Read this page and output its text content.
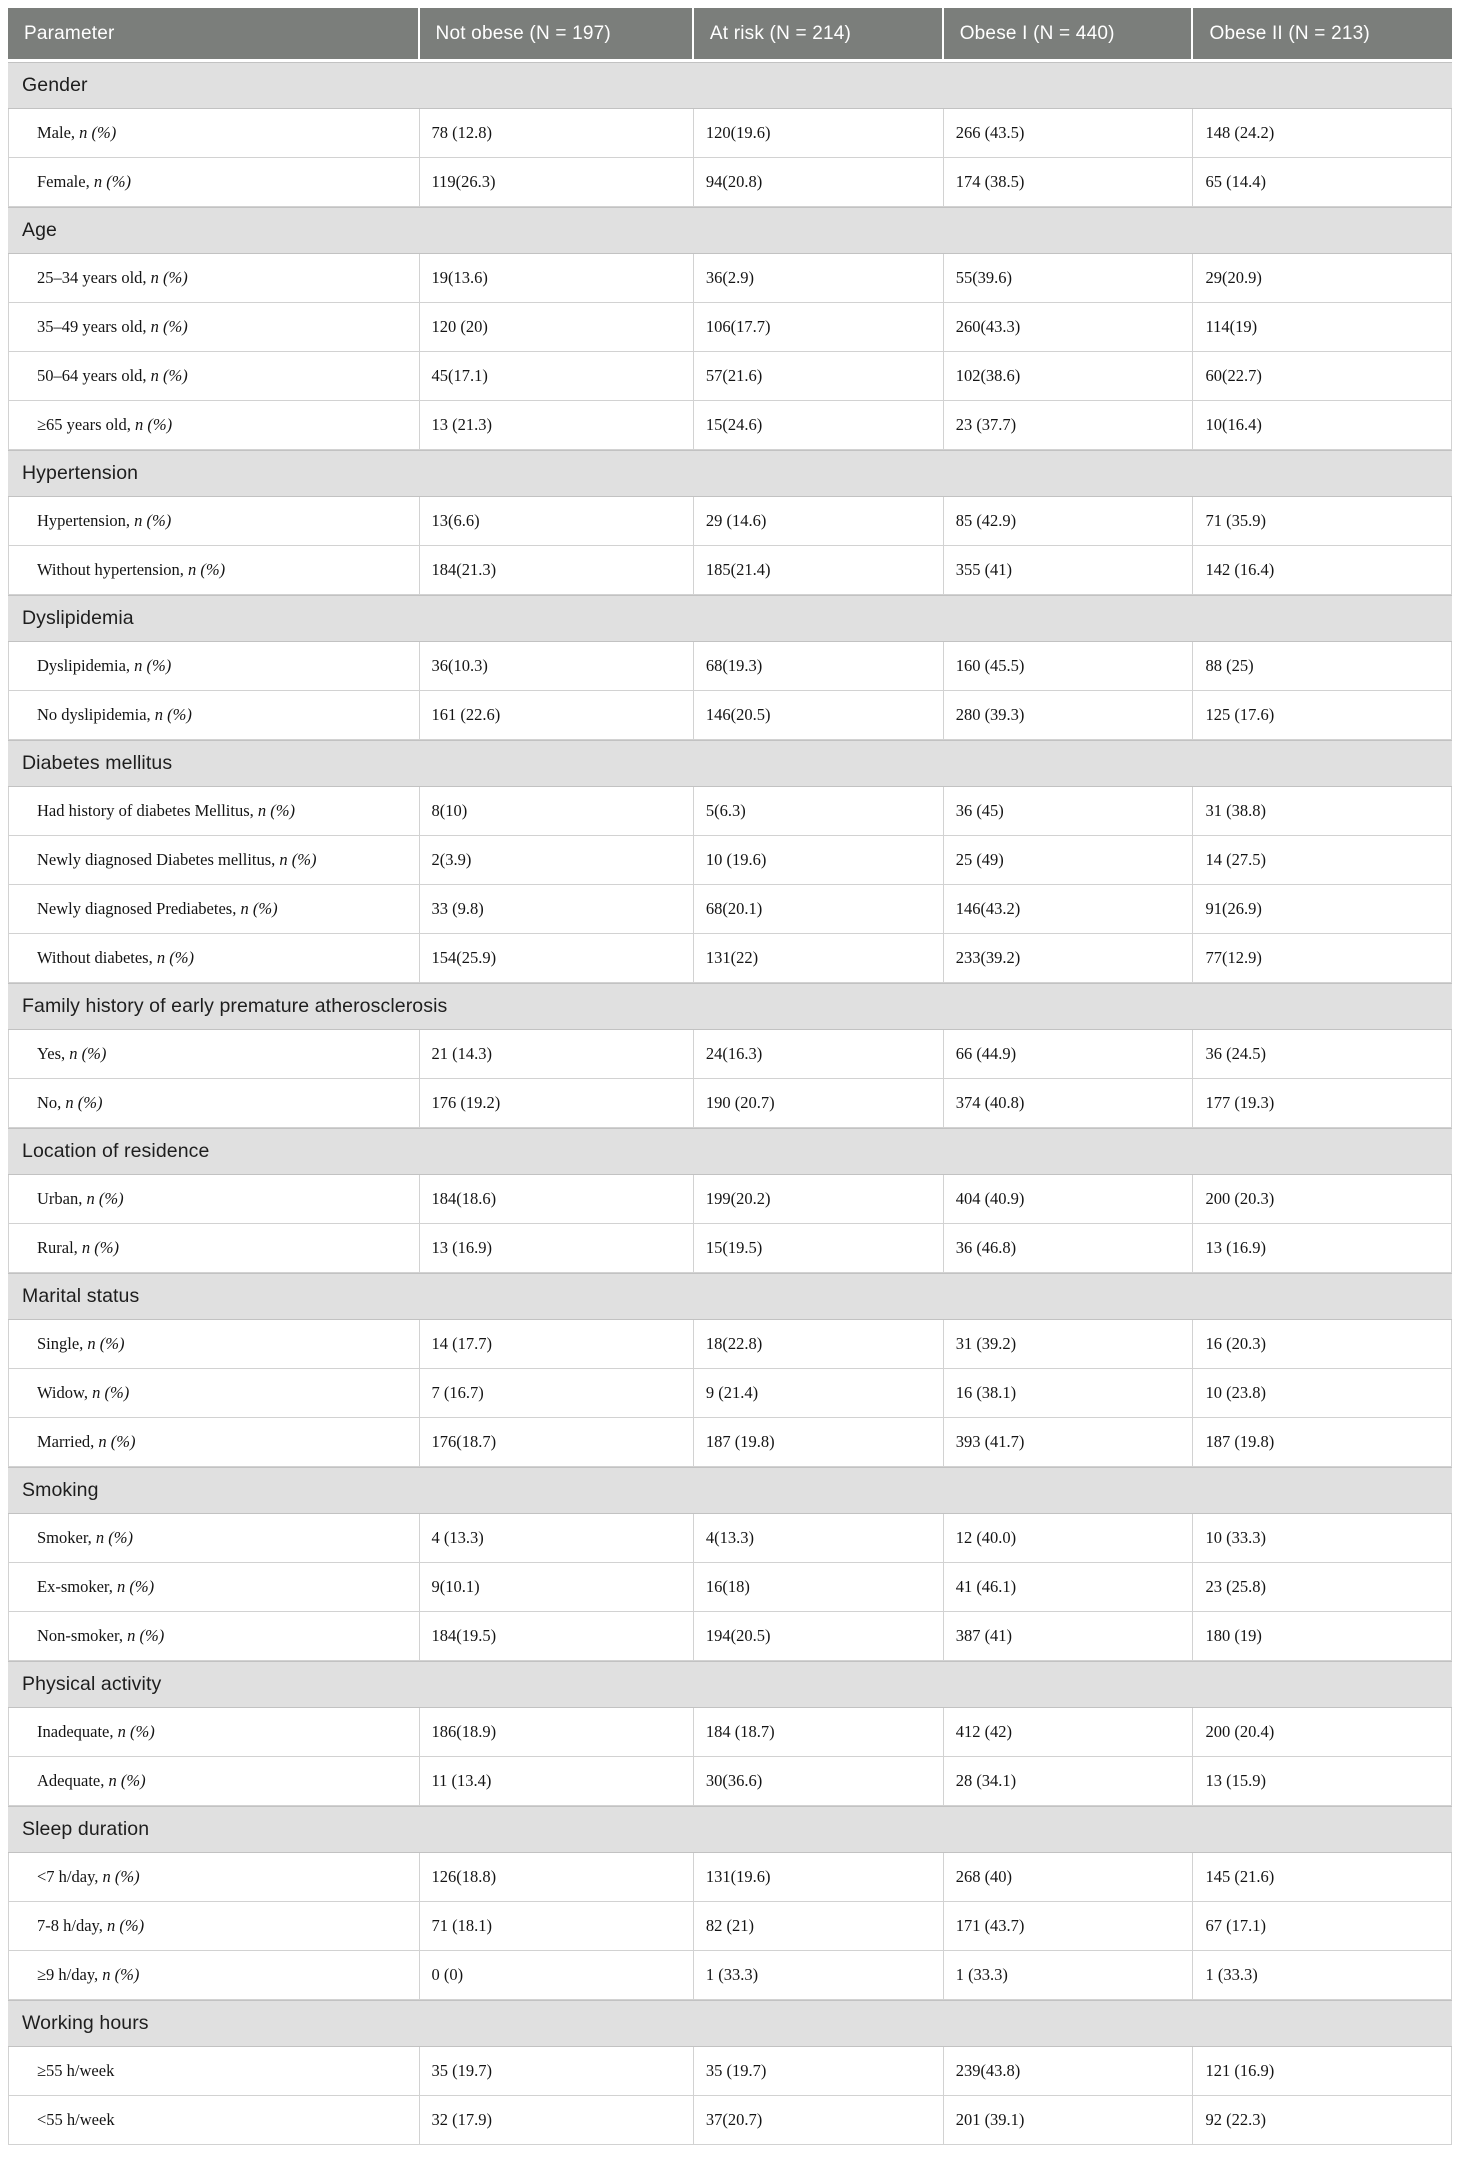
Parameter	Not obese (N = 197)	At risk (N = 214)	Obese I (N = 440)	Obese II (N = 213)
Gender				
Male, n (%)	78 (12.8)	120(19.6)	266 (43.5)	148 (24.2)
Female, n (%)	119(26.3)	94(20.8)	174 (38.5)	65 (14.4)
Age				
25–34 years old, n (%)	19(13.6)	36(2.9)	55(39.6)	29(20.9)
35–49 years old, n (%)	120 (20)	106(17.7)	260(43.3)	114(19)
50–64 years old, n (%)	45(17.1)	57(21.6)	102(38.6)	60(22.7)
≥65 years old, n (%)	13 (21.3)	15(24.6)	23 (37.7)	10(16.4)
Hypertension				
Hypertension, n (%)	13(6.6)	29 (14.6)	85 (42.9)	71 (35.9)
Without hypertension, n (%)	184(21.3)	185(21.4)	355 (41)	142 (16.4)
Dyslipidemia				
Dyslipidemia, n (%)	36(10.3)	68(19.3)	160 (45.5)	88 (25)
No dyslipidemia, n (%)	161 (22.6)	146(20.5)	280 (39.3)	125 (17.6)
Diabetes mellitus				
Had history of diabetes Mellitus, n (%)	8(10)	5(6.3)	36 (45)	31 (38.8)
Newly diagnosed Diabetes mellitus, n (%)	2(3.9)	10 (19.6)	25 (49)	14 (27.5)
Newly diagnosed Prediabetes, n (%)	33 (9.8)	68(20.1)	146(43.2)	91(26.9)
Without diabetes, n (%)	154(25.9)	131(22)	233(39.2)	77(12.9)
Family history of early premature atherosclerosis				
Yes, n (%)	21 (14.3)	24(16.3)	66 (44.9)	36 (24.5)
No, n (%)	176 (19.2)	190 (20.7)	374 (40.8)	177 (19.3)
Location of residence				
Urban, n (%)	184(18.6)	199(20.2)	404 (40.9)	200 (20.3)
Rural, n (%)	13 (16.9)	15(19.5)	36 (46.8)	13 (16.9)
Marital status				
Single, n (%)	14 (17.7)	18(22.8)	31 (39.2)	16 (20.3)
Widow, n (%)	7 (16.7)	9 (21.4)	16 (38.1)	10 (23.8)
Married, n (%)	176(18.7)	187 (19.8)	393 (41.7)	187 (19.8)
Smoking				
Smoker, n (%)	4 (13.3)	4(13.3)	12 (40.0)	10 (33.3)
Ex-smoker, n (%)	9(10.1)	16(18)	41 (46.1)	23 (25.8)
Non-smoker, n (%)	184(19.5)	194(20.5)	387 (41)	180 (19)
Physical activity				
Inadequate, n (%)	186(18.9)	184 (18.7)	412 (42)	200 (20.4)
Adequate, n (%)	11 (13.4)	30(36.6)	28 (34.1)	13 (15.9)
Sleep duration				
<7 h/day, n (%)	126(18.8)	131(19.6)	268 (40)	145 (21.6)
7-8 h/day, n (%)	71 (18.1)	82 (21)	171 (43.7)	67 (17.1)
≥9 h/day, n (%)	0 (0)	1 (33.3)	1 (33.3)	1 (33.3)
Working hours				
≥55 h/week	35 (19.7)	35 (19.7)	239(43.8)	121 (16.9)
<55 h/week	32 (17.9)	37(20.7)	201 (39.1)	92 (22.3)
